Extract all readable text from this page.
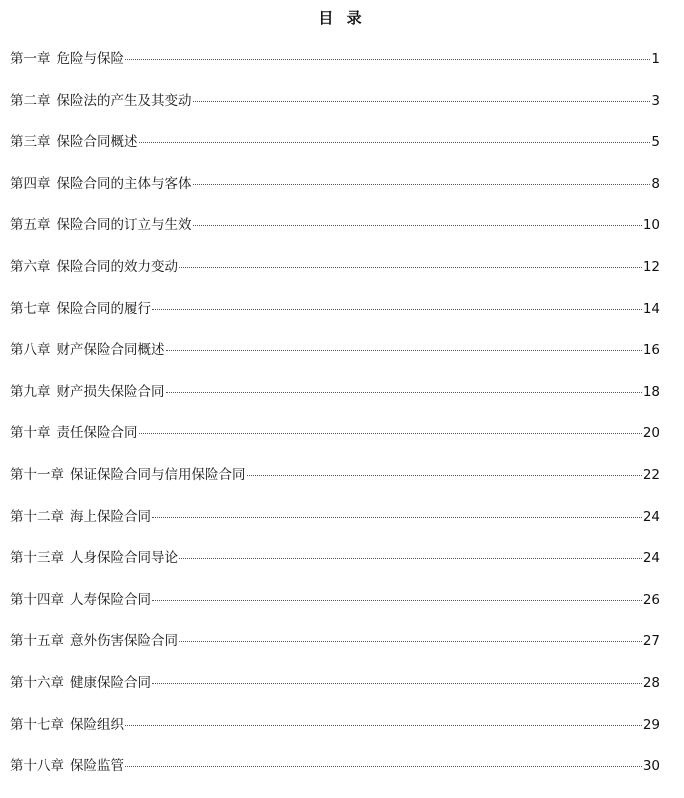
目 录
第一章 危险与保险	1
第二章 保险法的产生及其变动	3
第三章 保险合同概述	5
第四章 保险合同的主体与客体	8
第五章 保险合同的订立与生效	10
第六章 保险合同的效力变动	12
第七章 保险合同的履行	14
第八章 财产保险合同概述	16
第九章 财产损失保险合同	18
第十章 责任保险合同	20
第十一章 保证保险合同与信用保险合同	22
第十二章 海上保险合同	24
第十三章 人身保险合同导论	24
第十四章 人寿保险合同	26
第十五章 意外伤害保险合同	27
第十六章 健康保险合同	28
第十七章 保险组织	29
第十八章 保险监管	30
